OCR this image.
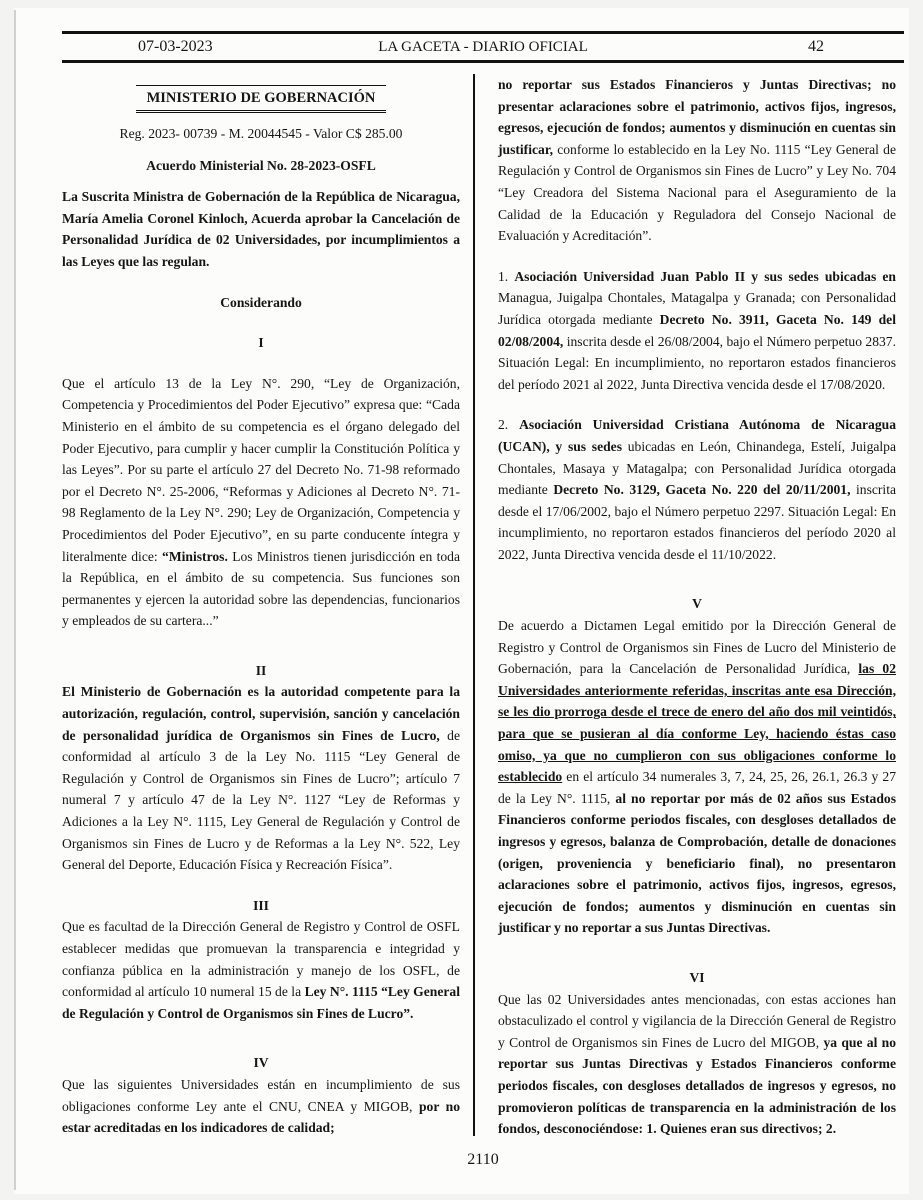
07-03-2023	LA GACETA - DIARIO OFICIAL	42
MINISTERIO DE GOBERNACIÓN

Reg. 2023- 00739 - M. 20044545 - Valor C$ 285.00

Acuerdo Ministerial No. 28-2023-OSFL

La Suscrita Ministra de Gobernación de la República de Nicaragua, María Amelia Coronel Kinloch, Acuerda aprobar la Cancelación de Personalidad Jurídica de 02 Universidades, por incumplimientos a las Leyes que las regulan.

Considerando

I

Que el artículo 13 de la Ley N°. 290, “Ley de Organización, Competencia y Procedimientos del Poder Ejecutivo” expresa que: “Cada Ministerio en el ámbito de su competencia es el órgano delegado del Poder Ejecutivo, para cumplir y hacer cumplir la Constitución Política y las Leyes”. Por su parte el artículo 27 del Decreto No. 71-98 reformado por el Decreto N°. 25-2006, “Reformas y Adiciones al Decreto N°. 71-98 Reglamento de la Ley N°. 290; Ley de Organización, Competencia y Procedimientos del Poder Ejecutivo”, en su parte conducente íntegra y literalmente dice: “Ministros. Los Ministros tienen jurisdicción en toda la República, en el ámbito de su competencia. Sus funciones son permanentes y ejercen la autoridad sobre las dependencias, funcionarios y empleados de su cartera...”

II

El Ministerio de Gobernación es la autoridad competente para la autorización, regulación, control, supervisión, sanción y cancelación de personalidad jurídica de Organismos sin Fines de Lucro, de conformidad al artículo 3 de la Ley No. 1115 “Ley General de Regulación y Control de Organismos sin Fines de Lucro”; artículo 7 numeral 7 y artículo 47 de la Ley N°. 1127 “Ley de Reformas y Adiciones a la Ley N°. 1115, Ley General de Regulación y Control de Organismos sin Fines de Lucro y de Reformas a la Ley N°. 522, Ley General del Deporte, Educación Física y Recreación Física”.

III

Que es facultad de la Dirección General de Registro y Control de OSFL establecer medidas que promuevan la transparencia e integridad y confianza pública en la administración y manejo de los OSFL, de conformidad al artículo 10 numeral 15 de la Ley N°. 1115 “Ley General de Regulación y Control de Organismos sin Fines de Lucro”.

IV

Que las siguientes Universidades están en incumplimiento de sus obligaciones conforme Ley ante el CNU, CNEA y MIGOB, por no estar acreditadas en los indicadores de calidad;

no reportar sus Estados Financieros y Juntas Directivas; no presentar aclaraciones sobre el patrimonio, activos fijos, ingresos, egresos, ejecución de fondos; aumentos y disminución en cuentas sin justificar, conforme lo establecido en la Ley No. 1115 “Ley General de Regulación y Control de Organismos sin Fines de Lucro” y Ley No. 704 “Ley Creadora del Sistema Nacional para el Aseguramiento de la Calidad de la Educación y Reguladora del Consejo Nacional de Evaluación y Acreditación”.

1. Asociación Universidad Juan Pablo II y sus sedes ubicadas en Managua, Juigalpa Chontales, Matagalpa y Granada; con Personalidad Jurídica otorgada mediante Decreto No. 3911, Gaceta No. 149 del 02/08/2004, inscrita desde el 26/08/2004, bajo el Número perpetuo 2837. Situación Legal: En incumplimiento, no reportaron estados financieros del período 2021 al 2022, Junta Directiva vencida desde el 17/08/2020.

2. Asociación Universidad Cristiana Autónoma de Nicaragua (UCAN), y sus sedes ubicadas en León, Chinandega, Estelí, Juigalpa Chontales, Masaya y Matagalpa; con Personalidad Jurídica otorgada mediante Decreto No. 3129, Gaceta No. 220 del 20/11/2001, inscrita desde el 17/06/2002, bajo el Número perpetuo 2297. Situación Legal: En incumplimiento, no reportaron estados financieros del período 2020 al 2022, Junta Directiva vencida desde el 11/10/2022.

V

De acuerdo a Dictamen Legal emitido por la Dirección General de Registro y Control de Organismos sin Fines de Lucro del Ministerio de Gobernación, para la Cancelación de Personalidad Jurídica, las 02 Universidades anteriormente referidas, inscritas ante esa Dirección, se les dio prorroga desde el trece de enero del año dos mil veintidós, para que se pusieran al día conforme Ley, haciendo éstas caso omiso, ya que no cumplieron con sus obligaciones conforme lo establecido en el artículo 34 numerales 3, 7, 24, 25, 26, 26.1, 26.3 y 27 de la Ley N°. 1115, al no reportar por más de 02 años sus Estados Financieros conforme periodos fiscales, con desgloses detallados de ingresos y egresos, balanza de Comprobación, detalle de donaciones (origen, proveniencia y beneficiario final), no presentaron aclaraciones sobre el patrimonio, activos fijos, ingresos, egresos, ejecución de fondos; aumentos y disminución en cuentas sin justificar y no reportar a sus Juntas Directivas.

VI

Que las 02 Universidades antes mencionadas, con estas acciones han obstaculizado el control y vigilancia de la Dirección General de Registro y Control de Organismos sin Fines de Lucro del MIGOB, ya que al no reportar sus Juntas Directivas y Estados Financieros conforme periodos fiscales, con desgloses detallados de ingresos y egresos, no promovieron políticas de transparencia en la administración de los fondos, desconociéndose: 1. Quienes eran sus directivos; 2.

2110
